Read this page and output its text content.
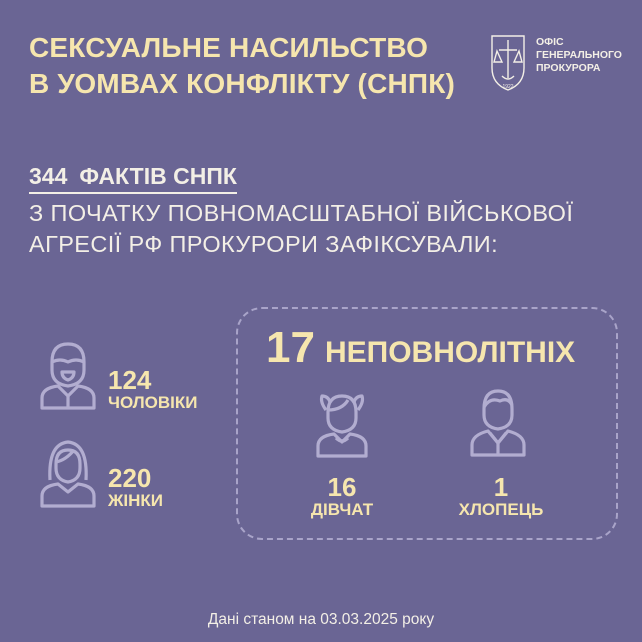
СЕКСУАЛЬНЕ НАСИЛЬСТВО
В УОМВАХ КОНФЛІКТУ (СНПК)	1922
ОФІС
ГЕНЕРАЛЬНОГО
ПРОКУРОРА
344 ФАКТІВ СНПК
З ПОЧАТКУ ПОВНОМАСШТАБНОЇ ВІЙСЬКОВОЇ
АГРЕСІЇ РФ ПРОКУРОРИ ЗАФІКСУВАЛИ:
124
ЧОЛОВІКИ
220
ЖІНКИ
17 НЕПОВНОЛІТНІХ
16
ДІВЧАТ
1
ХЛОПЕЦЬ
Дані станом на 03.03.2025 року
